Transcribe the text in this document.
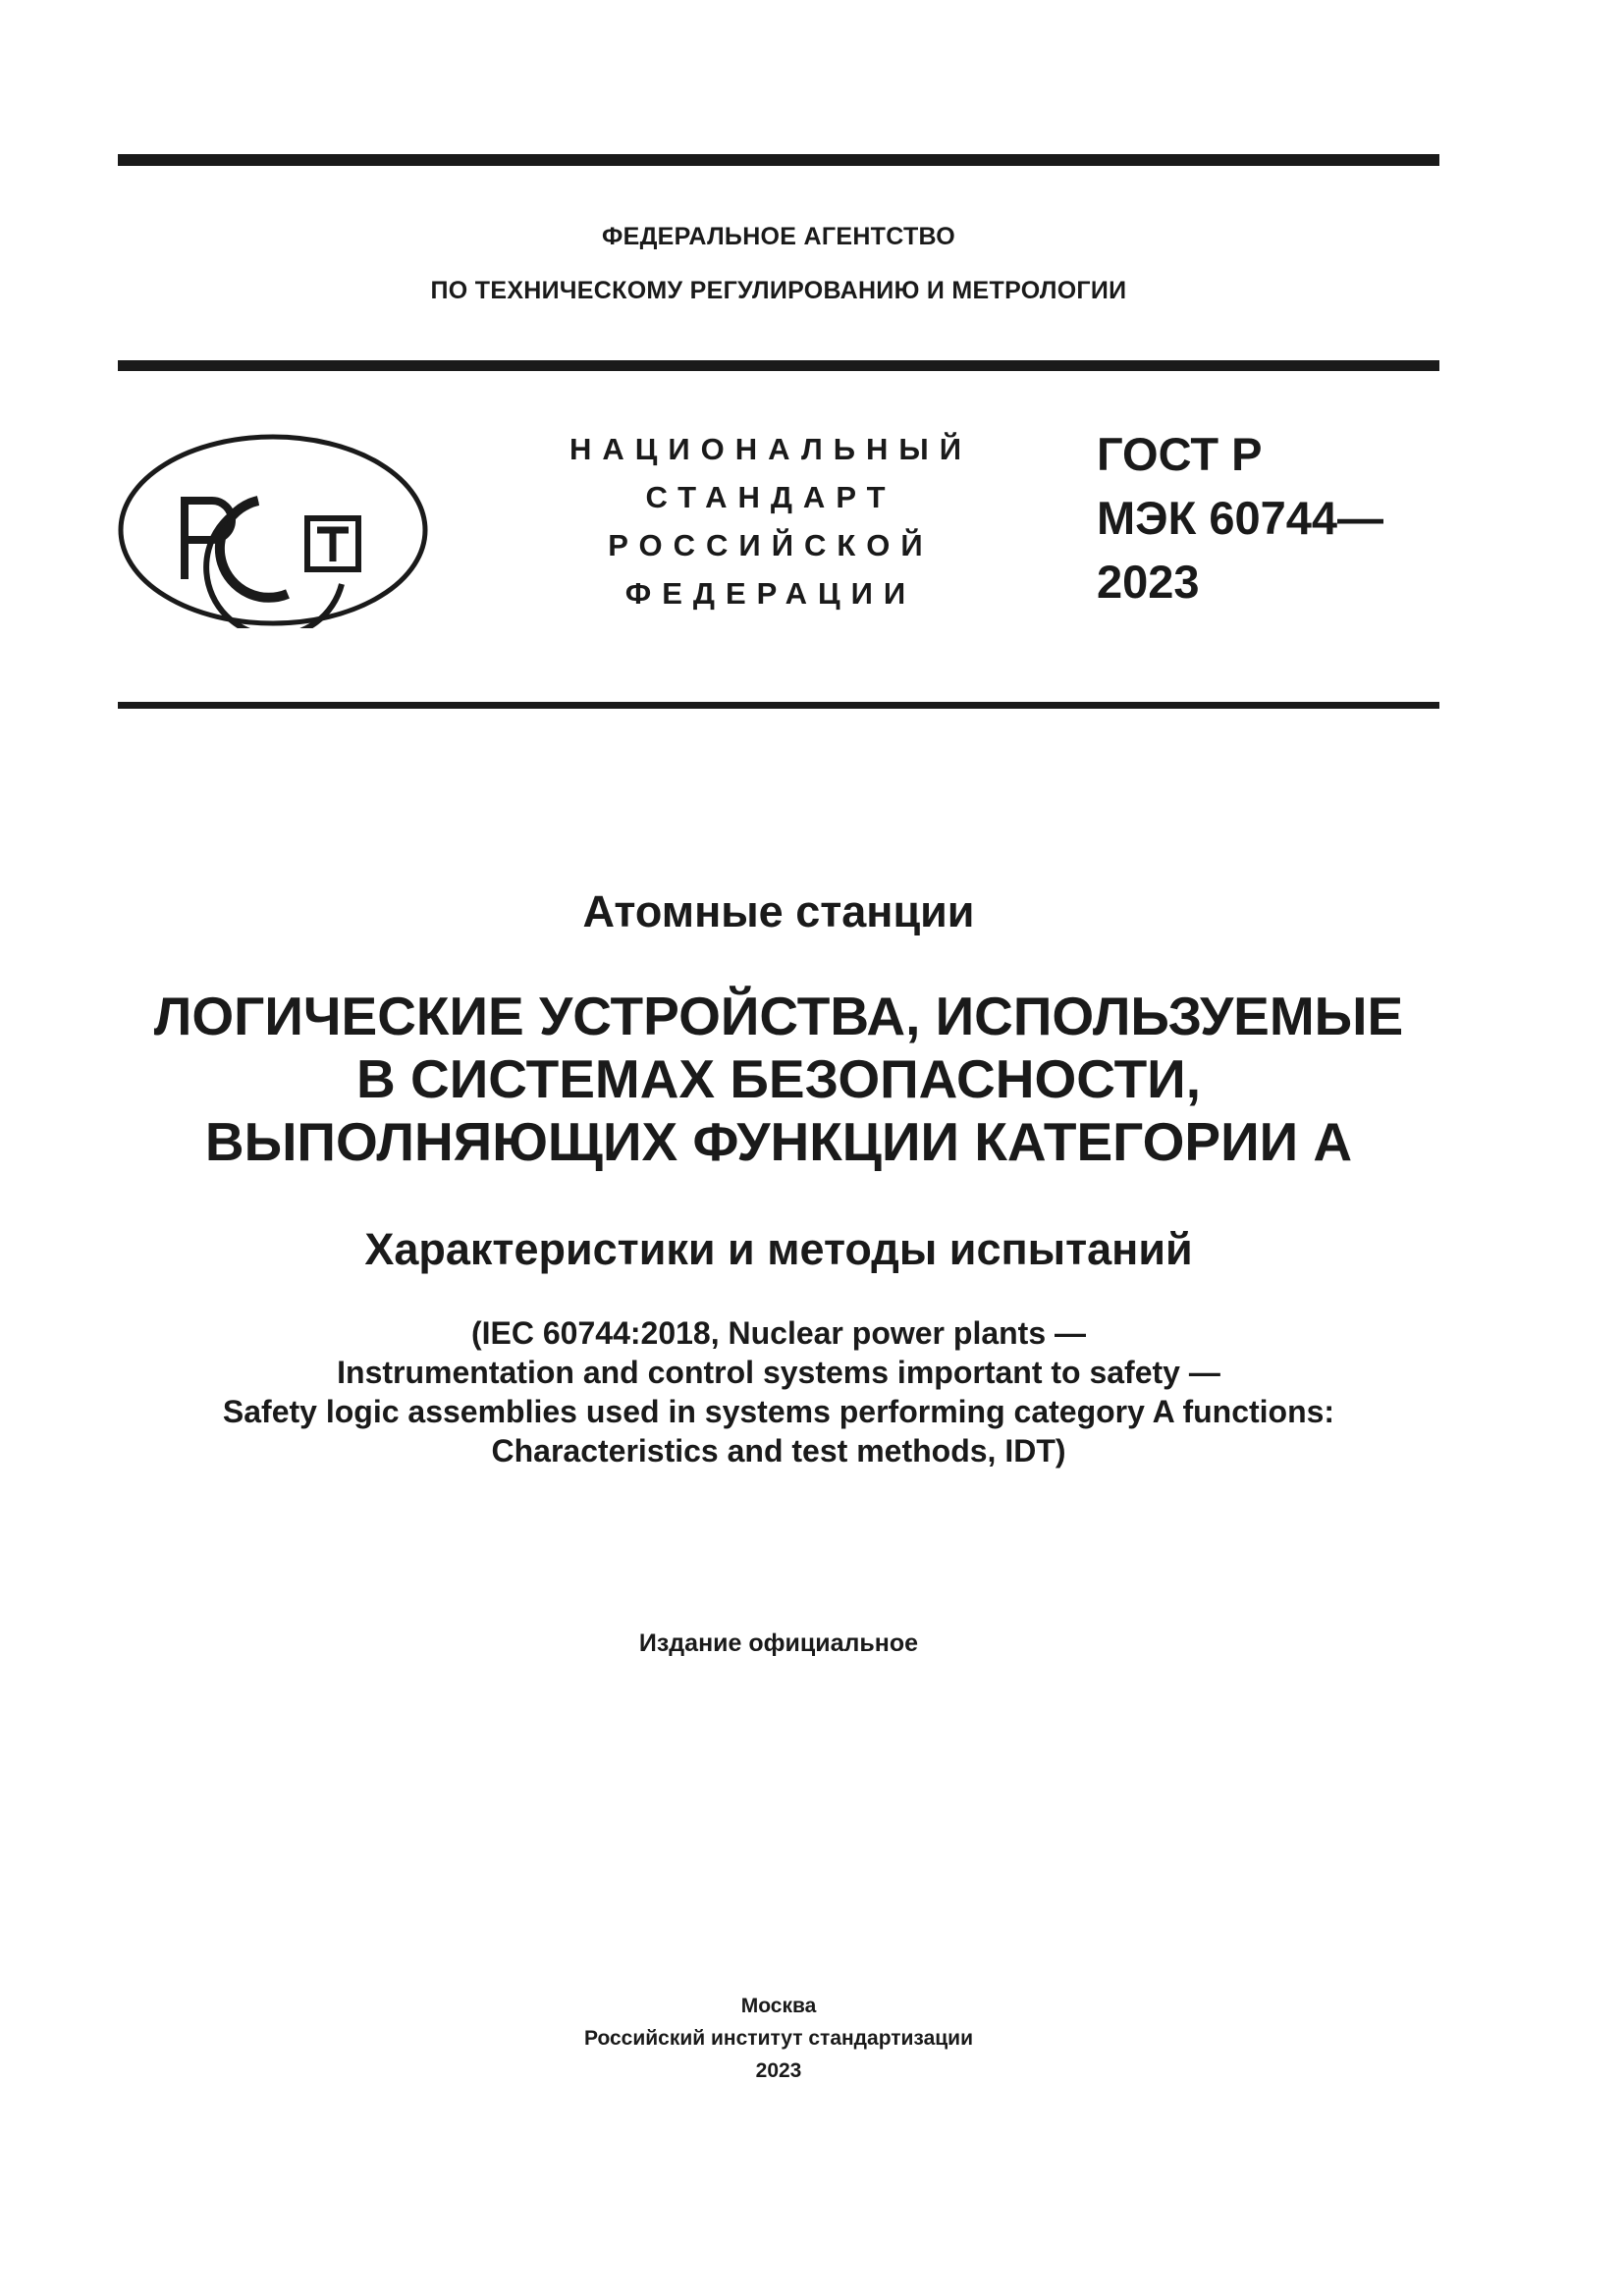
ФЕДЕРАЛЬНОЕ АГЕНТСТВО
ПО ТЕХНИЧЕСКОМУ РЕГУЛИРОВАНИЮ И МЕТРОЛОГИИ
НАЦИОНАЛЬНЫЙ
СТАНДАРТ
РОССИЙСКОЙ
ФЕДЕРАЦИИ
ГОСТ Р
МЭК 60744—
2023
Атомные станции
ЛОГИЧЕСКИЕ УСТРОЙСТВА, ИСПОЛЬЗУЕМЫЕ
В СИСТЕМАХ БЕЗОПАСНОСТИ,
ВЫПОЛНЯЮЩИХ ФУНКЦИИ КАТЕГОРИИ А
Характеристики и методы испытаний
(IEC 60744:2018, Nuclear power plants —
Instrumentation and control systems important to safety —
Safety logic assemblies used in systems performing category A functions:
Characteristics and test methods, IDT)
Издание официальное
Москва
Российский институт стандартизации
2023
